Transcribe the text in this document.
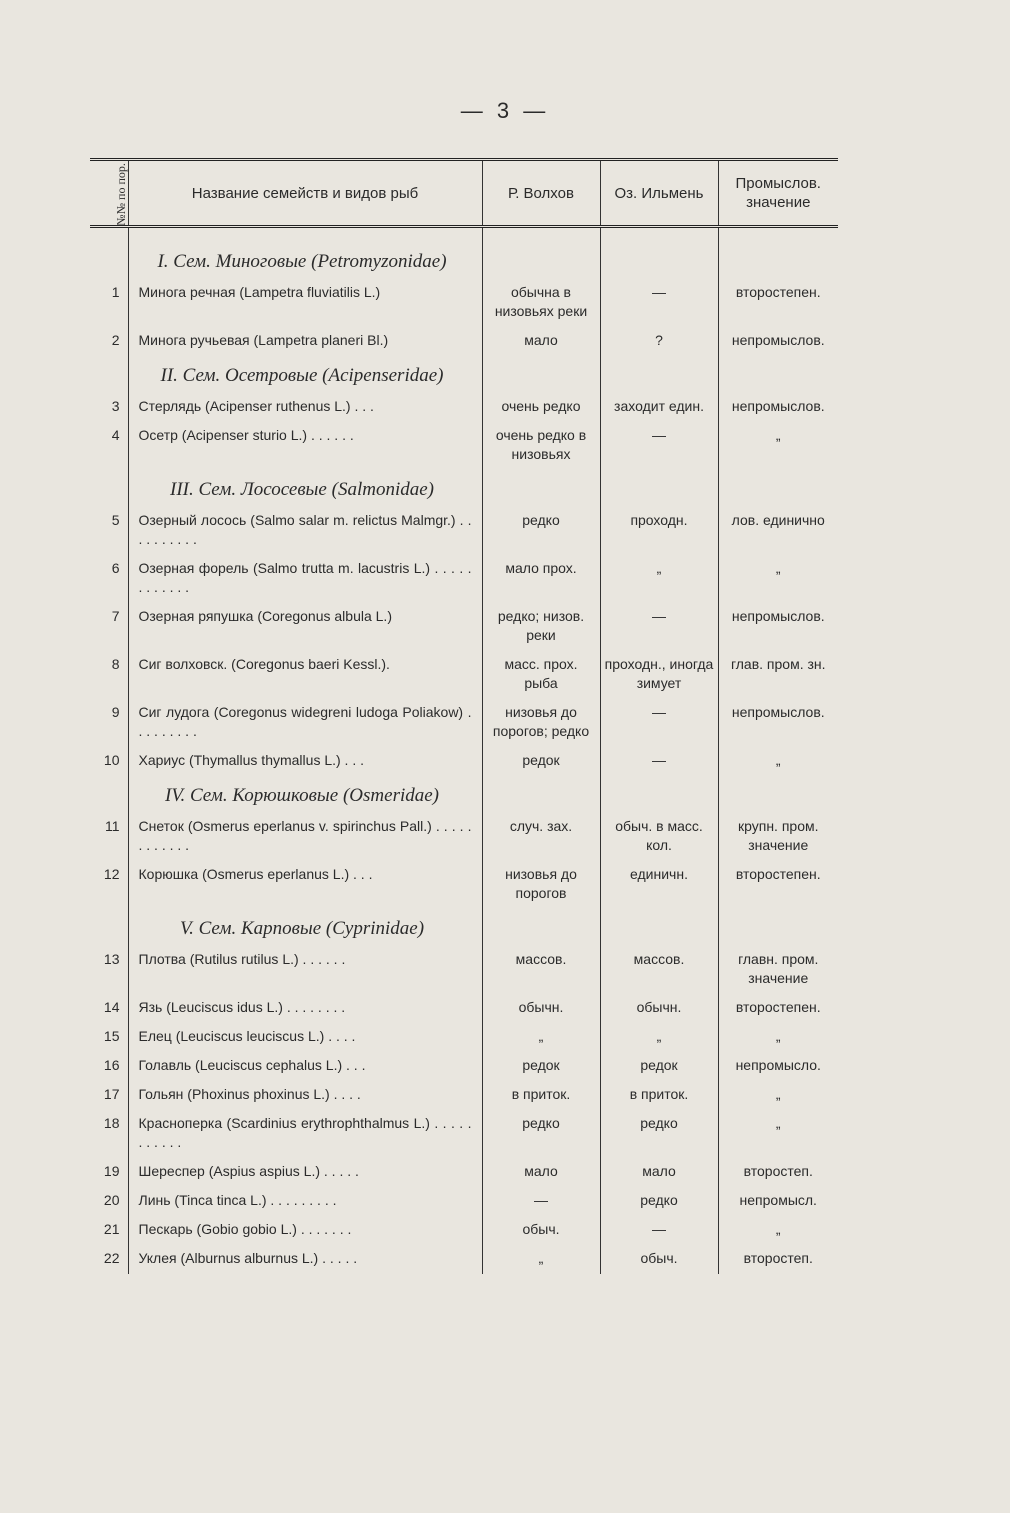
— 3 —
№№ по пор.	Название семейств и видов рыб	Р. Волхов	Оз. Ильмень	Промыслов. значение

	I. Сем. Миноговые (Petromyzonidae)			
1	Минога речная (Lampetra fluviatilis L.)	обычна в низовьях реки	—	второстепен.
2	Минога ручьевая (Lampetra planeri Bl.)	мало	?	непромыслов.
	II. Сем. Осетровые (Acipenseridae)			
3	Стерлядь (Acipenser ruthenus L.) . . .	очень редко	заходит един.	непромыслов.
4	Осетр (Acipenser sturio L.) . . . . . .	очень редко в низовьях	—	„
	III. Сем. Лососевые (Salmonidae)			
5	Озерный лосось (Salmo salar m. relictus Malmgr.) . . . . . . . . . .	редко	проходн.	лов. единично
6	Озерная форель (Salmo trutta m. lacustris L.) . . . . . . . . . . . .	мало прох.	„	„
7	Озерная ряпушка (Coregonus albula L.)	редко; низов. реки	—	непромыслов.
8	Сиг волховск. (Coregonus baeri Kessl.).	масс. прох. рыба	проходн., иногда зимует	глав. пром. зн.
9	Сиг лудога (Coregonus widegreni ludoga Poliakow) . . . . . . . . .	низовья до порогов; редко	—	непромыслов.
10	Хариус (Thymallus thymallus L.) . . .	редок	—	„
	IV. Сем. Корюшковые (Osmeridae)			
11	Снеток (Osmerus eperlanus v. spirinchus Pall.) . . . . . . . . . . . .	случ. зах.	обыч. в масс. кол.	крупн. пром. значение
12	Корюшка (Osmerus eperlanus L.) . . .	низовья до порогов	единичн.	второстепен.
	V. Сем. Карповые (Cyprinidae)			
13	Плотва (Rutilus rutilus L.) . . . . . .	массов.	массов.	главн. пром. значение
14	Язь (Leuciscus idus L.) . . . . . . . .	обычн.	обычн.	второстепен.
15	Елец (Leuciscus leuciscus L.) . . . .	„	„	„
16	Голавль (Leuciscus cephalus L.) . . .	редок	редок	непромысло.
17	Гольян (Phoxinus phoxinus L.) . . . .	в приток.	в приток.	„
18	Красноперка (Scardinius erythrophthalmus L.) . . . . . . . . . . .	редко	редко	„
19	Шереспер (Aspius aspius L.) . . . . .	мало	мало	второстеп.
20	Линь (Tinca tinca L.) . . . . . . . . .	—	редко	непромысл.
21	Пескарь (Gobio gobio L.) . . . . . . .	обыч.	—	„
22	Уклея (Alburnus alburnus L.) . . . . .	„	обыч.	второстеп.
